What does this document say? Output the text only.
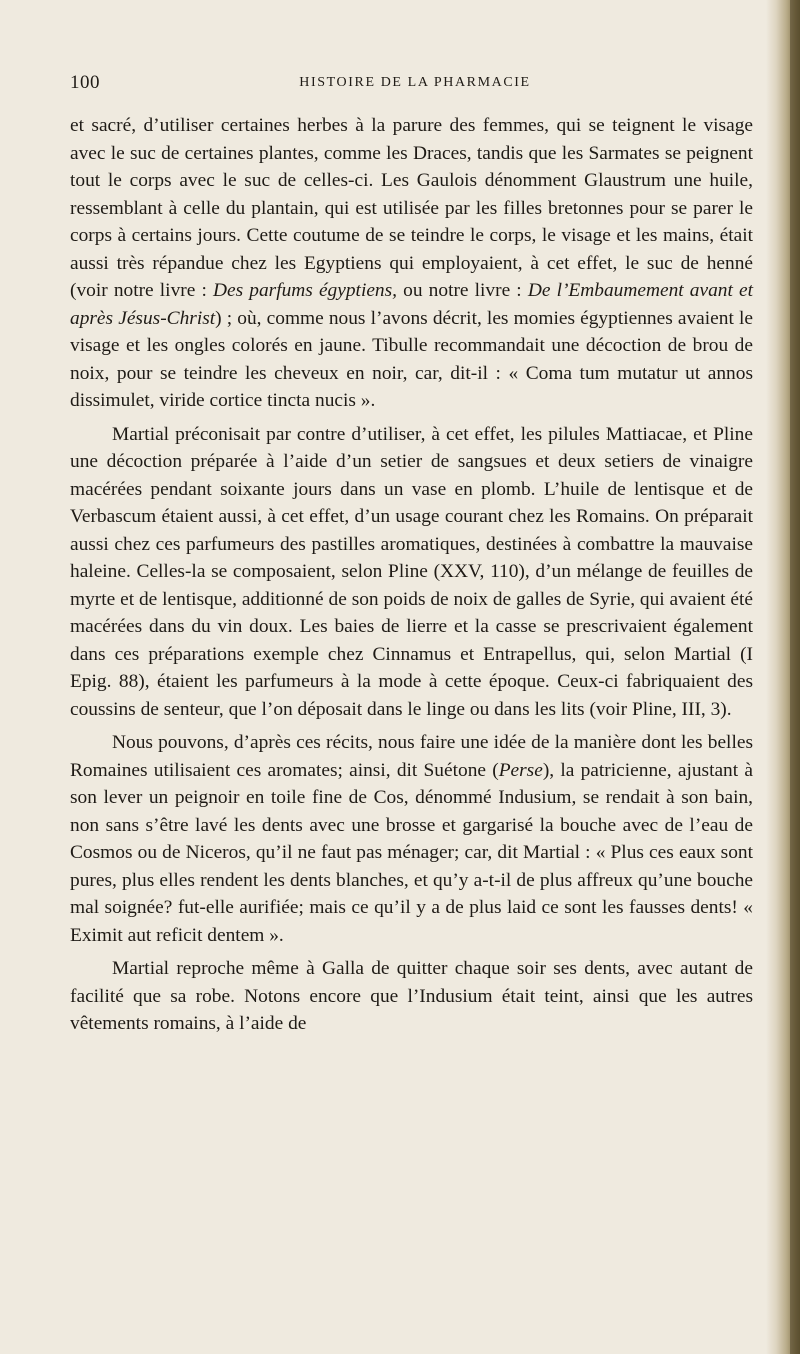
100	HISTOIRE DE LA PHARMACIE

et sacré, d’utiliser certaines herbes à la parure des femmes, qui se teignent le visage avec le suc de certaines plantes, comme les Draces, tandis que les Sarmates se peignent tout le corps avec le suc de celles-ci. Les Gaulois dénomment Glaustrum une huile, ressemblant à celle du plantain, qui est utilisée par les filles bretonnes pour se parer le corps à certains jours. Cette coutume de se teindre le corps, le visage et les mains, était aussi très répandue chez les Egyptiens qui employaient, à cet effet, le suc de henné (voir notre livre : Des parfums égyptiens, ou notre livre : De l’Embaumement avant et après Jésus-Christ) ; où, comme nous l’avons décrit, les momies égyptiennes avaient le visage et les ongles colorés en jaune. Tibulle recommandait une décoction de brou de noix, pour se teindre les cheveux en noir, car, dit-il : « Coma tum mutatur ut annos dissimulet, viride cortice tincta nucis ».

Martial préconisait par contre d’utiliser, à cet effet, les pilules Mattiacae, et Pline une décoction préparée à l’aide d’un setier de sangsues et deux setiers de vinaigre macérées pendant soixante jours dans un vase en plomb. L’huile de lentisque et de Verbascum étaient aussi, à cet effet, d’un usage courant chez les Romains. On préparait aussi chez ces parfumeurs des pastilles aromatiques, destinées à combattre la mauvaise haleine. Celles-la se composaient, selon Pline (XXV, 110), d’un mélange de feuilles de myrte et de lentisque, additionné de son poids de noix de galles de Syrie, qui avaient été macérées dans du vin doux. Les baies de lierre et la casse se prescrivaient également dans ces préparations exemple chez Cinnamus et Entrapellus, qui, selon Martial (I Epig. 88), étaient les parfumeurs à la mode à cette époque. Ceux-ci fabriquaient des coussins de senteur, que l’on déposait dans le linge ou dans les lits (voir Pline, III, 3).

Nous pouvons, d’après ces récits, nous faire une idée de la manière dont les belles Romaines utilisaient ces aromates; ainsi, dit Suétone (Perse), la patricienne, ajustant à son lever un peignoir en toile fine de Cos, dénommé Indusium, se rendait à son bain, non sans s’être lavé les dents avec une brosse et gargarisé la bouche avec de l’eau de Cosmos ou de Niceros, qu’il ne faut pas ménager; car, dit Martial : « Plus ces eaux sont pures, plus elles rendent les dents blanches, et qu’y a-t-il de plus affreux qu’une bouche mal soignée? fut-elle aurifiée; mais ce qu’il y a de plus laid ce sont les fausses dents! « Eximit aut reficit dentem ».

Martial reproche même à Galla de quitter chaque soir ses dents, avec autant de facilité que sa robe. Notons encore que l’Indusium était teint, ainsi que les autres vêtements romains, à l’aide de
